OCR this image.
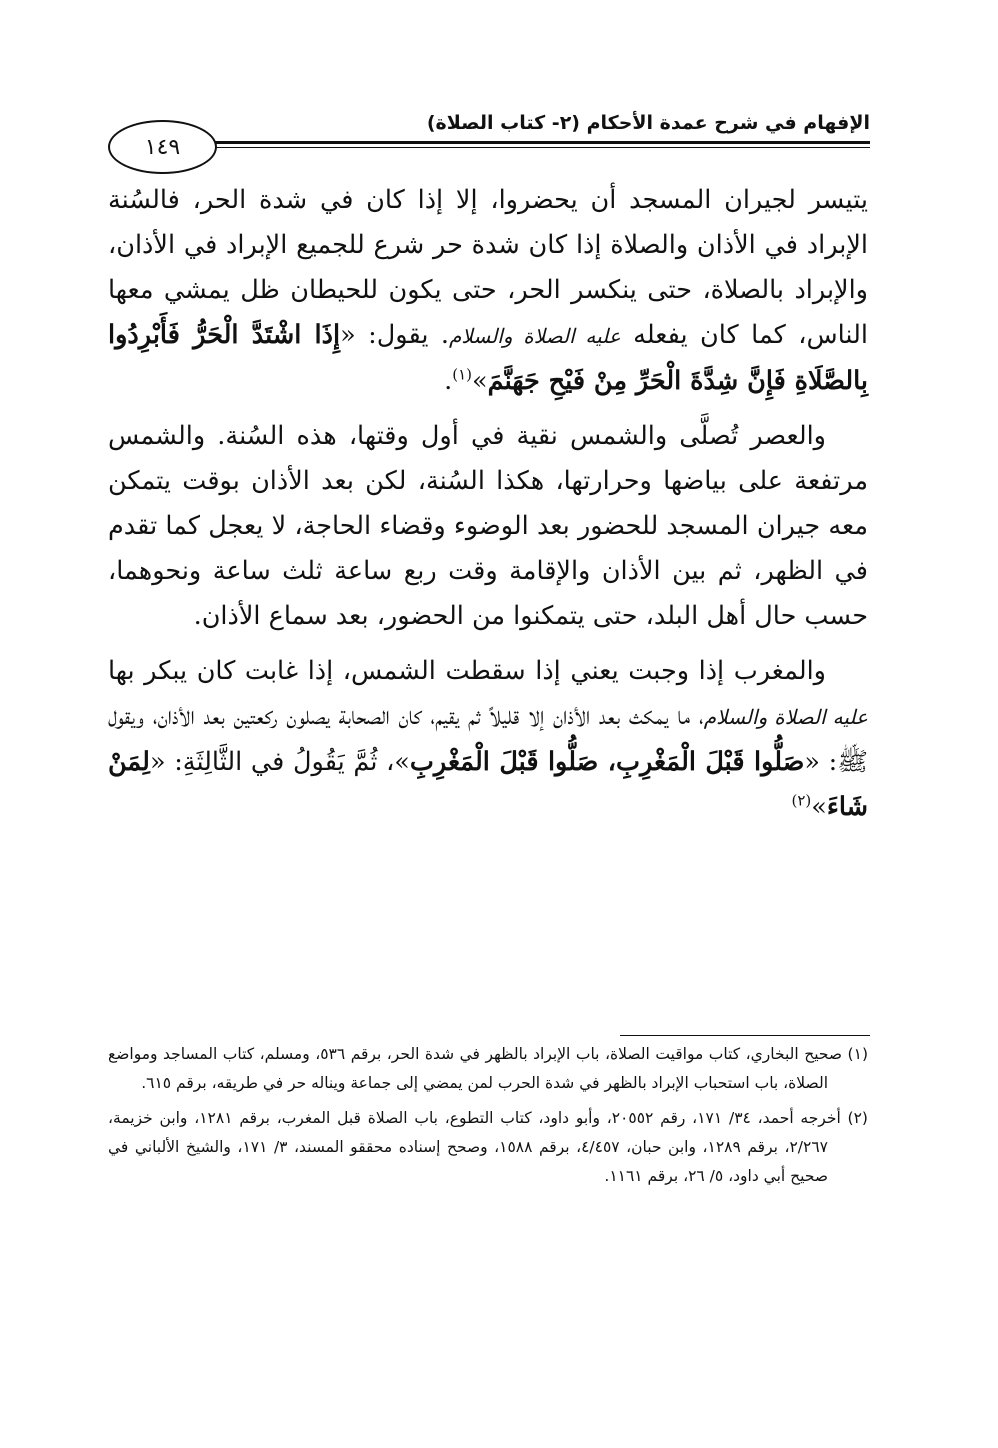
الإفهام في شرح عمدة الأحكام (٢- كتاب الصلاة)
١٤٩

يتيسر لجيران المسجد أن يحضروا، إلا إذا كان في شدة الحر، فالسُنة الإبراد في الأذان والصلاة إذا كان شدة حر شرع للجميع الإبراد في الأذان، والإبراد بالصلاة، حتى ينكسر الحر، حتى يكون للحيطان ظل يمشي معها الناس، كما كان يفعله عليه الصلاة والسلام. يقول: «إِذَا اشْتَدَّ الْحَرُّ فَأَبْرِدُوا بِالصَّلَاةِ فَإِنَّ شِدَّةَ الْحَرِّ مِنْ فَيْحِ جَهَنَّمَ»$^{(١)}$.

والعصر تُصلَّى والشمس نقية في أول وقتها، هذه السُنة. والشمس مرتفعة على بياضها وحرارتها، هكذا السُنة، لكن بعد الأذان بوقت يتمكن معه جيران المسجد للحضور بعد الوضوء وقضاء الحاجة، لا يعجل كما تقدم في الظهر، ثم بين الأذان والإقامة وقت ربع ساعة ثلث ساعة ونحوهما، حسب حال أهل البلد، حتى يتمكنوا من الحضور، بعد سماع الأذان.

والمغرب إذا وجبت يعني إذا سقطت الشمس، إذا غابت كان يبكر بها عليه الصلاة والسلام، ما يمكث بعد الأذان إلا قليلاً ثم يقيم، كان الصحابة يصلون ركعتين بعد الأذان، ويقول ﷺ: «صَلُّوا قَبْلَ الْمَغْرِبِ، صَلُّوا قَبْلَ الْمَغْرِبِ»، ثُمَّ يَقُولُ في الثَّالِثَةِ: «لِمَنْ شَاءَ»$^{(٢)}$

(١) صحيح البخاري، كتاب مواقيت الصلاة، باب الإبراد بالظهر في شدة الحر، برقم ٥٣٦، ومسلم، كتاب المساجد ومواضع الصلاة، باب استحباب الإبراد بالظهر في شدة الحرب لمن يمضي إلى جماعة ويناله حر في طريقه، برقم ٦١٥.

(٢) أخرجه أحمد، ٣٤/ ١٧١، رقم ٢٠٥٥٢، وأبو داود، كتاب التطوع، باب الصلاة قبل المغرب، برقم ١٢٨١، وابن خزيمة، ٢/٢٦٧، برقم ١٢٨٩، وابن حبان، ٤/٤٥٧، برقم ١٥٨٨، وصحح إسناده محققو المسند، ٣/ ١٧١، والشيخ الألباني في صحيح أبي داود، ٥/ ٢٦، برقم ١١٦١.
